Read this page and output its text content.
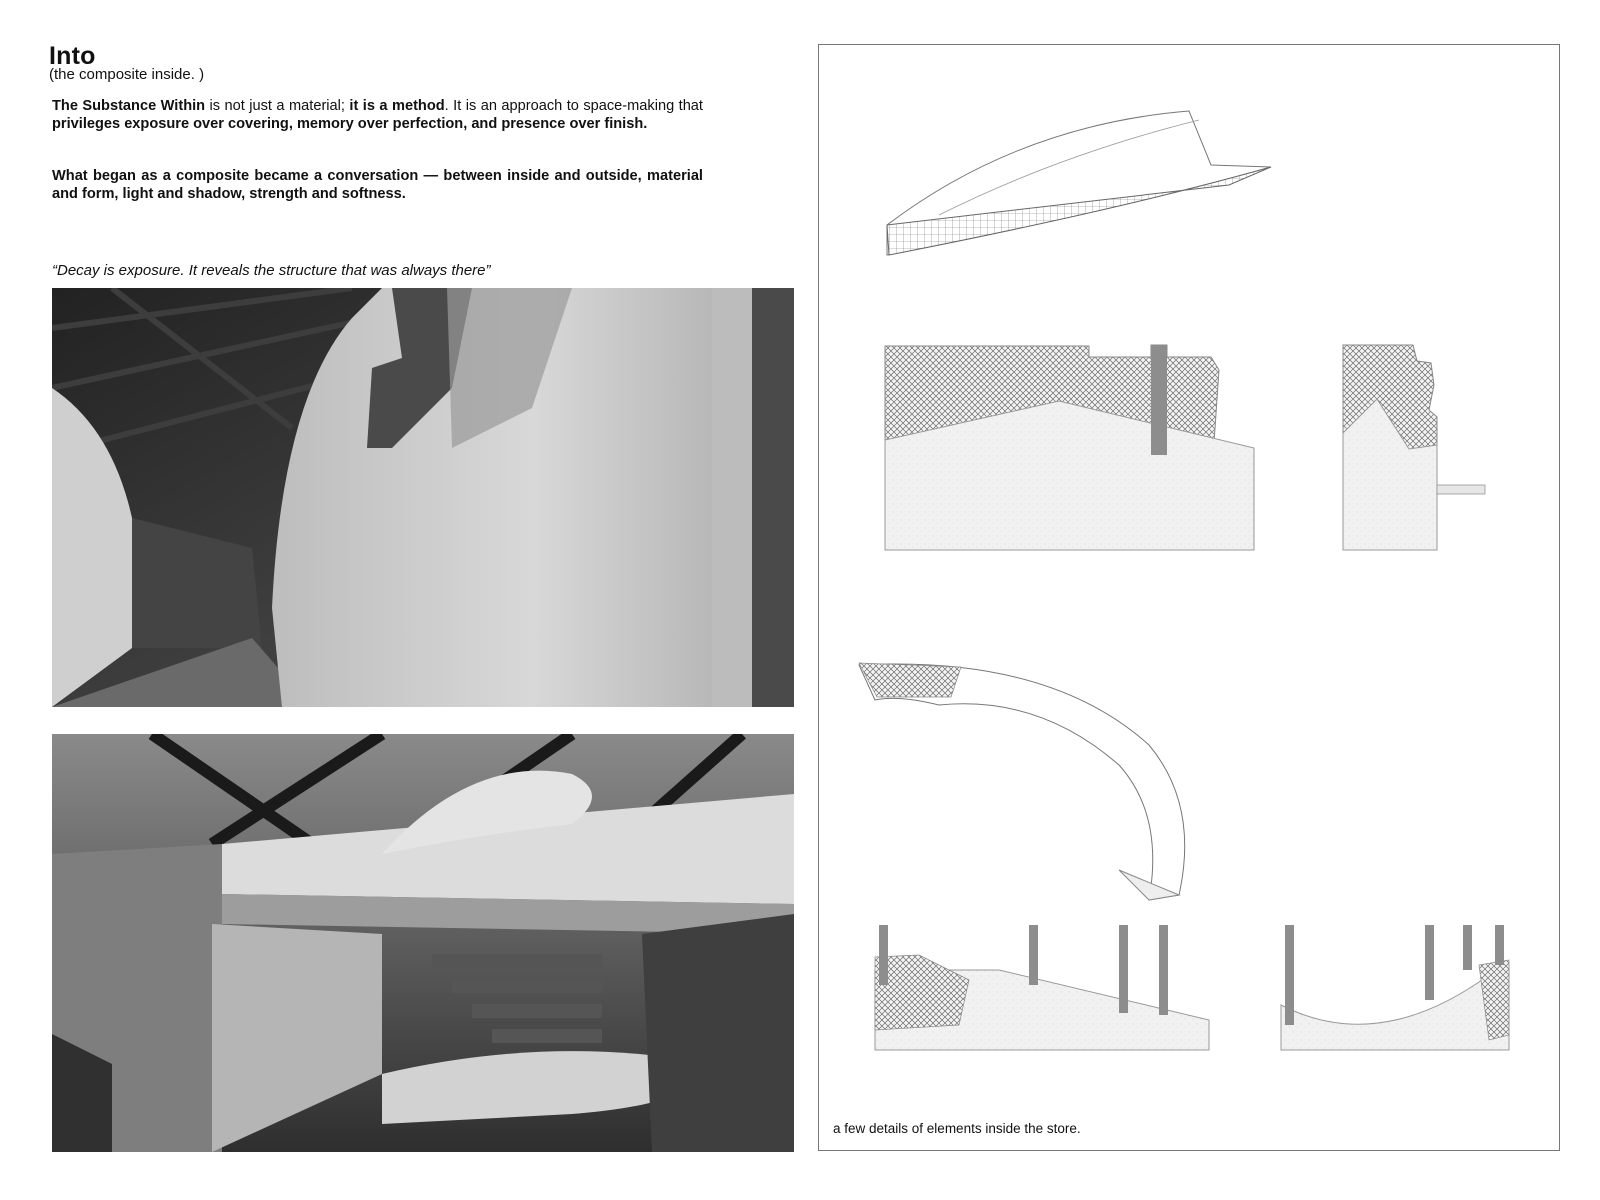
Into
(the composite inside. )
The Substance Within is not just a material; it is a method. It is an approach to space-making that privileges exposure over covering, memory over perfection, and presence over finish.
What began as a composite became a conversation — between inside and outside, material and form, light and shadow, strength and softness.
“Decay is exposure. It reveals the structure that was always there”
a few details of elements inside the store.
